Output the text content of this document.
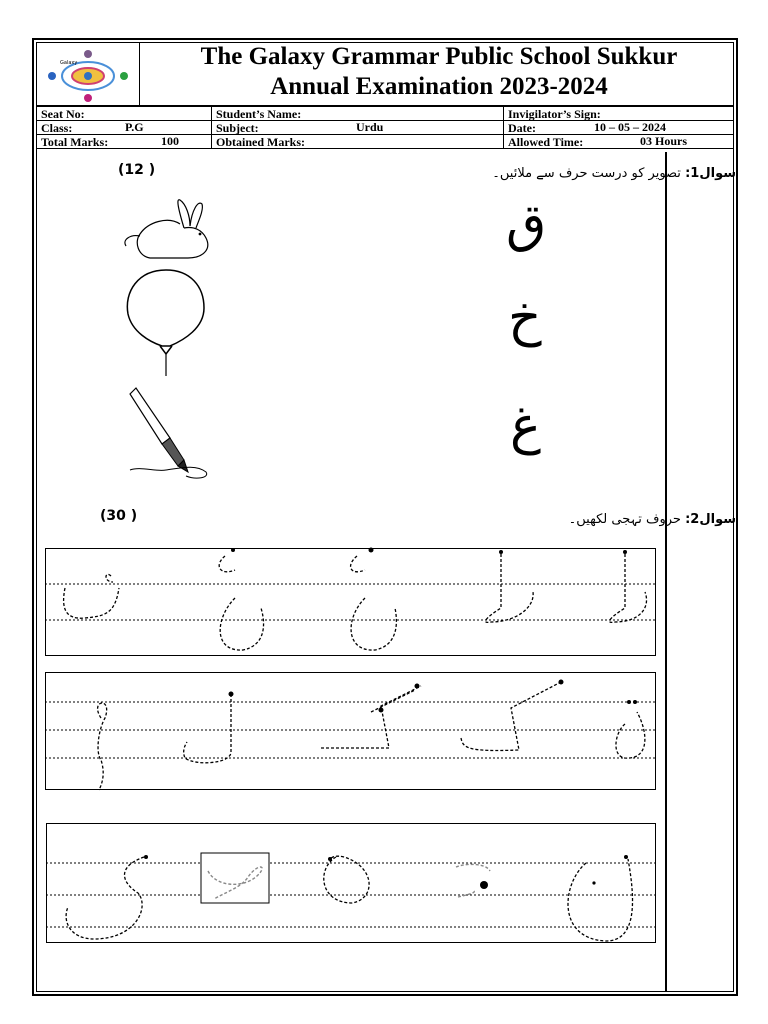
Galaxy	The Galaxy Grammar Public School Sukkur
Annual Examination 2023-2024
Seat No:	Student’s Name:	Invigilator’s Sign:
Class: P.G	Subject: Urdu	Date: 10 – 05 – 2024

Total Marks: 100	Obtained Marks:	Allowed Time: 03 Hours
(12 )	سوال1: تصویر کو درست حرف سے ملائیں۔
ق
خ
غ
(30 )	سوال2: حروف تہجی لکھیں۔
